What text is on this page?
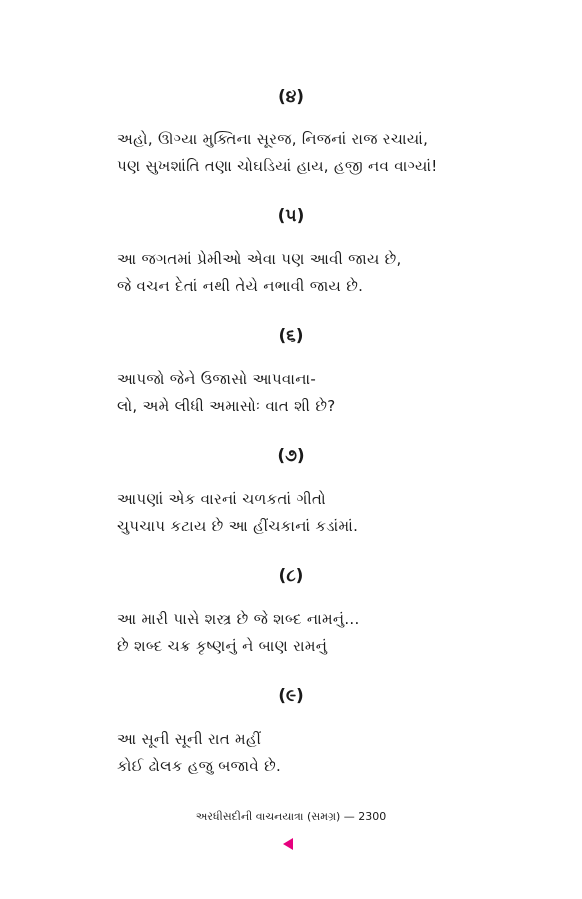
(૪)
અહો, ઊગ્યા મુક્તિના સૂરજ, નિજનાં રાજ રચાયાં,
પણ સુખશાંતિ તણા ચોઘડિયાં હાય, હજી નવ વાગ્યાં!
(૫)
આ જગતમાં પ્રેમીઓ એવા પણ આવી જાય છે,
જે વચન દેતાં નથી તેયે નભાવી જાય છે.
(૬)
આપજો જેને ઉજાસો આપવાના-
લો, અમે લીધી અમાસોઃ વાત શી છે?
(૭)
આપણાં એક વારનાં ચળકતાં ગીતો
ચુપચાપ કટાય છે આ હીંચકાનાં કડાંમાં.
(૮)
આ મારી પાસે શસ્ત્ર છે જે શબ્દ નામનું...
છે શબ્દ ચક્ર કૃષ્ણનું ને બાણ રામનું
(૯)
આ સૂની સૂની રાત મહીં
કોઈ ઢોલક હજુ બજાવે છે.
અરધીસદીની વાચનયાત્રા (સમગ્ર) — 2300
